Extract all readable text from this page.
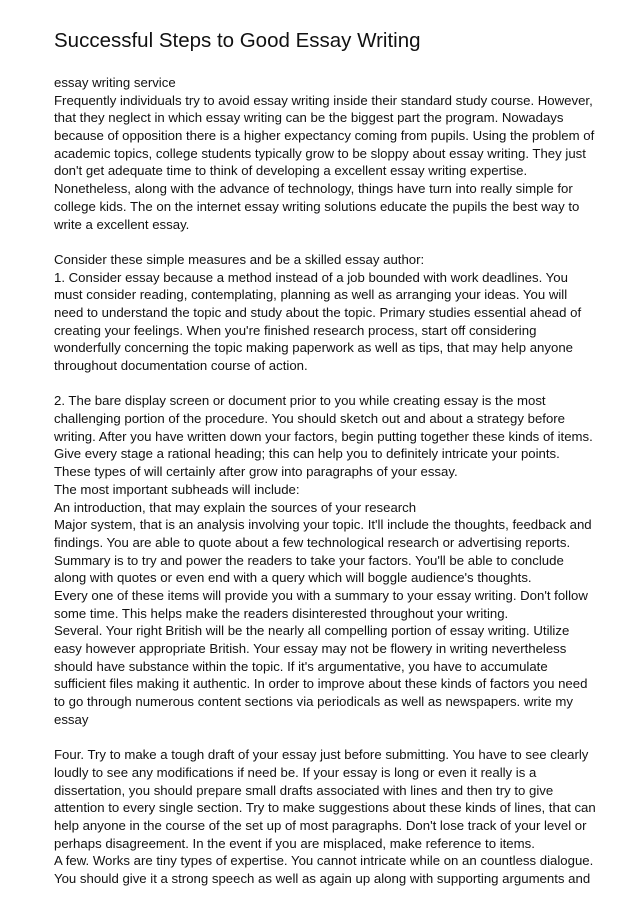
Successful Steps to Good Essay Writing
essay writing service
Frequently individuals try to avoid essay writing inside their standard study course. However,
that they neglect in which essay writing can be the biggest part the program. Nowadays
because of opposition there is a higher expectancy coming from pupils. Using the problem of
academic topics, college students typically grow to be sloppy about essay writing. They just
don't get adequate time to think of developing a excellent essay writing expertise.
Nonetheless, along with the advance of technology, things have turn into really simple for
college kids. The on the internet essay writing solutions educate the pupils the best way to
write a excellent essay.
Consider these simple measures and be a skilled essay author:
1. Consider essay because a method instead of a job bounded with work deadlines. You
must consider reading, contemplating, planning as well as arranging your ideas. You will
need to understand the topic and study about the topic. Primary studies essential ahead of
creating your feelings. When you're finished research process, start off considering
wonderfully concerning the topic making paperwork as well as tips, that may help anyone
throughout documentation course of action.
2. The bare display screen or document prior to you while creating essay is the most
challenging portion of the procedure. You should sketch out and about a strategy before
writing. After you have written down your factors, begin putting together these kinds of items.
Give every stage a rational heading; this can help you to definitely intricate your points.
These types of will certainly after grow into paragraphs of your essay.
The most important subheads will include:
An introduction, that may explain the sources of your research
Major system, that is an analysis involving your topic. It'll include the thoughts, feedback and
findings. You are able to quote about a few technological research or advertising reports.
Summary is to try and power the readers to take your factors. You'll be able to conclude
along with quotes or even end with a query which will boggle audience's thoughts.
Every one of these items will provide you with a summary to your essay writing. Don't follow
some time. This helps make the readers disinterested throughout your writing.
Several. Your right British will be the nearly all compelling portion of essay writing. Utilize
easy however appropriate British. Your essay may not be flowery in writing nevertheless
should have substance within the topic. If it's argumentative, you have to accumulate
sufficient files making it authentic. In order to improve about these kinds of factors you need
to go through numerous content sections via periodicals as well as newspapers. write my
essay
Four. Try to make a tough draft of your essay just before submitting. You have to see clearly
loudly to see any modifications if need be. If your essay is long or even it really is a
dissertation, you should prepare small drafts associated with lines and then try to give
attention to every single section. Try to make suggestions about these kinds of lines, that can
help anyone in the course of the set up of most paragraphs. Don't lose track of your level or
perhaps disagreement. In the event if you are misplaced, make reference to items.
A few. Works are tiny types of expertise. You cannot intricate while on an countless dialogue.
You should give it a strong speech as well as again up along with supporting arguments and
